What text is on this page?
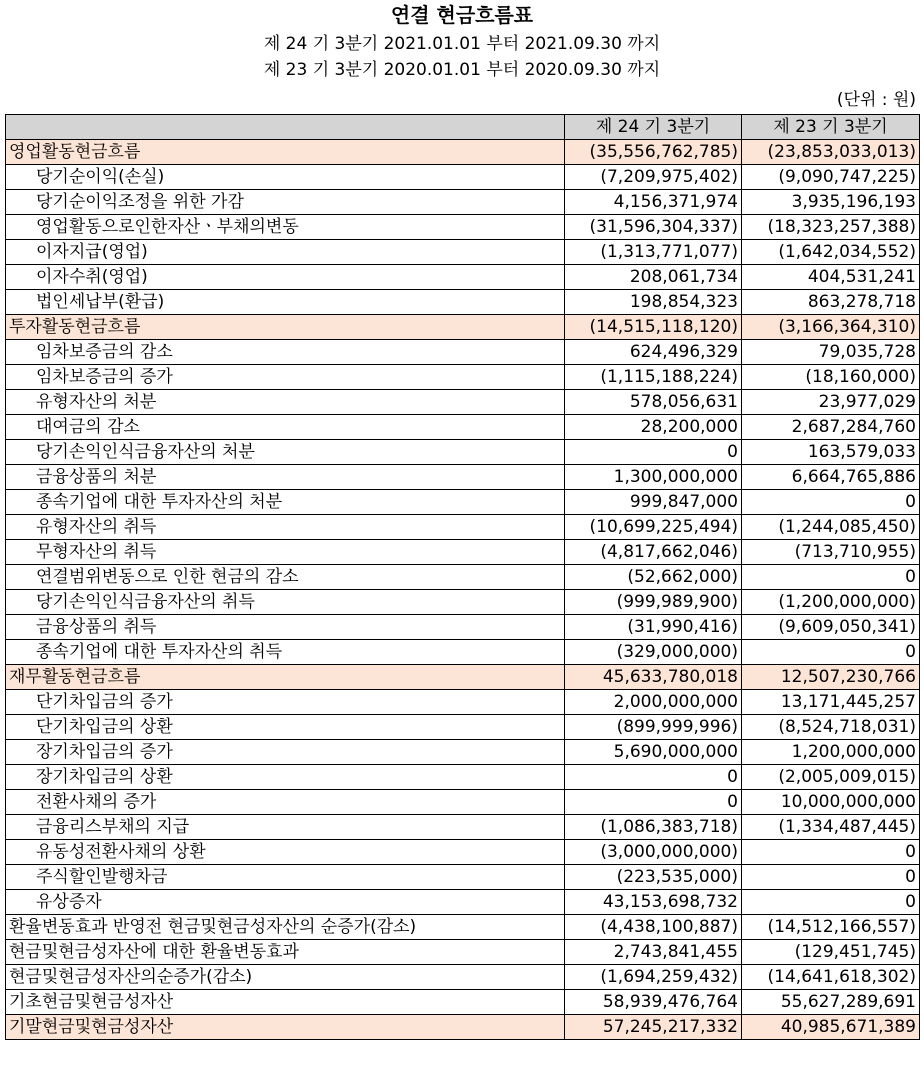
연결 현금흐름표
제 24 기 3분기 2021.01.01 부터 2021.09.30 까지
제 23 기 3분기 2020.01.01 부터 2020.09.30 까지
(단위 : 원)
	제 24 기 3분기	제 23 기 3분기
영업활동현금흐름	(35,556,762,785)	(23,853,033,013)
당기순이익(손실)	(7,209,975,402)	(9,090,747,225)
당기순이익조정을 위한 가감	4,156,371,974	3,935,196,193
영업활동으로인한자산ㆍ부채의변동	(31,596,304,337)	(18,323,257,388)
이자지급(영업)	(1,313,771,077)	(1,642,034,552)
이자수취(영업)	208,061,734	404,531,241
법인세납부(환급)	198,854,323	863,278,718
투자활동현금흐름	(14,515,118,120)	(3,166,364,310)
임차보증금의 감소	624,496,329	79,035,728
임차보증금의 증가	(1,115,188,224)	(18,160,000)
유형자산의 처분	578,056,631	23,977,029
대여금의 감소	28,200,000	2,687,284,760
당기손익인식금융자산의 처분	0	163,579,033
금융상품의 처분	1,300,000,000	6,664,765,886
종속기업에 대한 투자자산의 처분	999,847,000	0
유형자산의 취득	(10,699,225,494)	(1,244,085,450)
무형자산의 취득	(4,817,662,046)	(713,710,955)
연결범위변동으로 인한 현금의 감소	(52,662,000)	0
당기손익인식금융자산의 취득	(999,989,900)	(1,200,000,000)
금융상품의 취득	(31,990,416)	(9,609,050,341)
종속기업에 대한 투자자산의 취득	(329,000,000)	0
재무활동현금흐름	45,633,780,018	12,507,230,766
단기차입금의 증가	2,000,000,000	13,171,445,257
단기차입금의 상환	(899,999,996)	(8,524,718,031)
장기차입금의 증가	5,690,000,000	1,200,000,000
장기차입금의 상환	0	(2,005,009,015)
전환사채의 증가	0	10,000,000,000
금융리스부채의 지급	(1,086,383,718)	(1,334,487,445)
유동성전환사채의 상환	(3,000,000,000)	0
주식할인발행차금	(223,535,000)	0
유상증자	43,153,698,732	0
환율변동효과 반영전 현금및현금성자산의 순증가(감소)	(4,438,100,887)	(14,512,166,557)
현금및현금성자산에 대한 환율변동효과	2,743,841,455	(129,451,745)
현금및현금성자산의순증가(감소)	(1,694,259,432)	(14,641,618,302)
기초현금및현금성자산	58,939,476,764	55,627,289,691
기말현금및현금성자산	57,245,217,332	40,985,671,389
